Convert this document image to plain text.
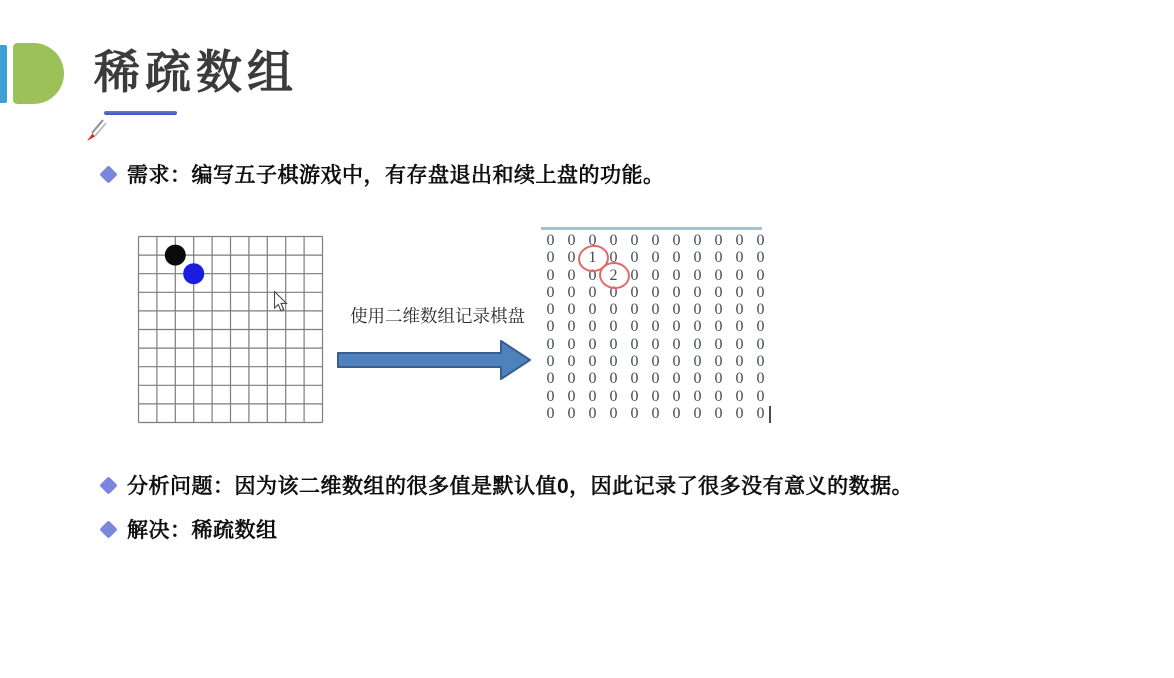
稀疏数组
需求：编写五子棋游戏中，有存盘退出和续上盘的功能。
使用二维数组记录棋盘
0 0 0 0 0 0 0 0 0 0 0
0 0 1 0 0 0 0 0 0 0 0
0 0 0 2 0 0 0 0 0 0 0
0 0 0 0 0 0 0 0 0 0 0
0 0 0 0 0 0 0 0 0 0 0
0 0 0 0 0 0 0 0 0 0 0
0 0 0 0 0 0 0 0 0 0 0
0 0 0 0 0 0 0 0 0 0 0
0 0 0 0 0 0 0 0 0 0 0
0 0 0 0 0 0 0 0 0 0 0
0 0 0 0 0 0 0 0 0 0 0
分析问题：因为该二维数组的很多值是默认值0，因此记录了很多没有意义的数据。
解决：稀疏数组
